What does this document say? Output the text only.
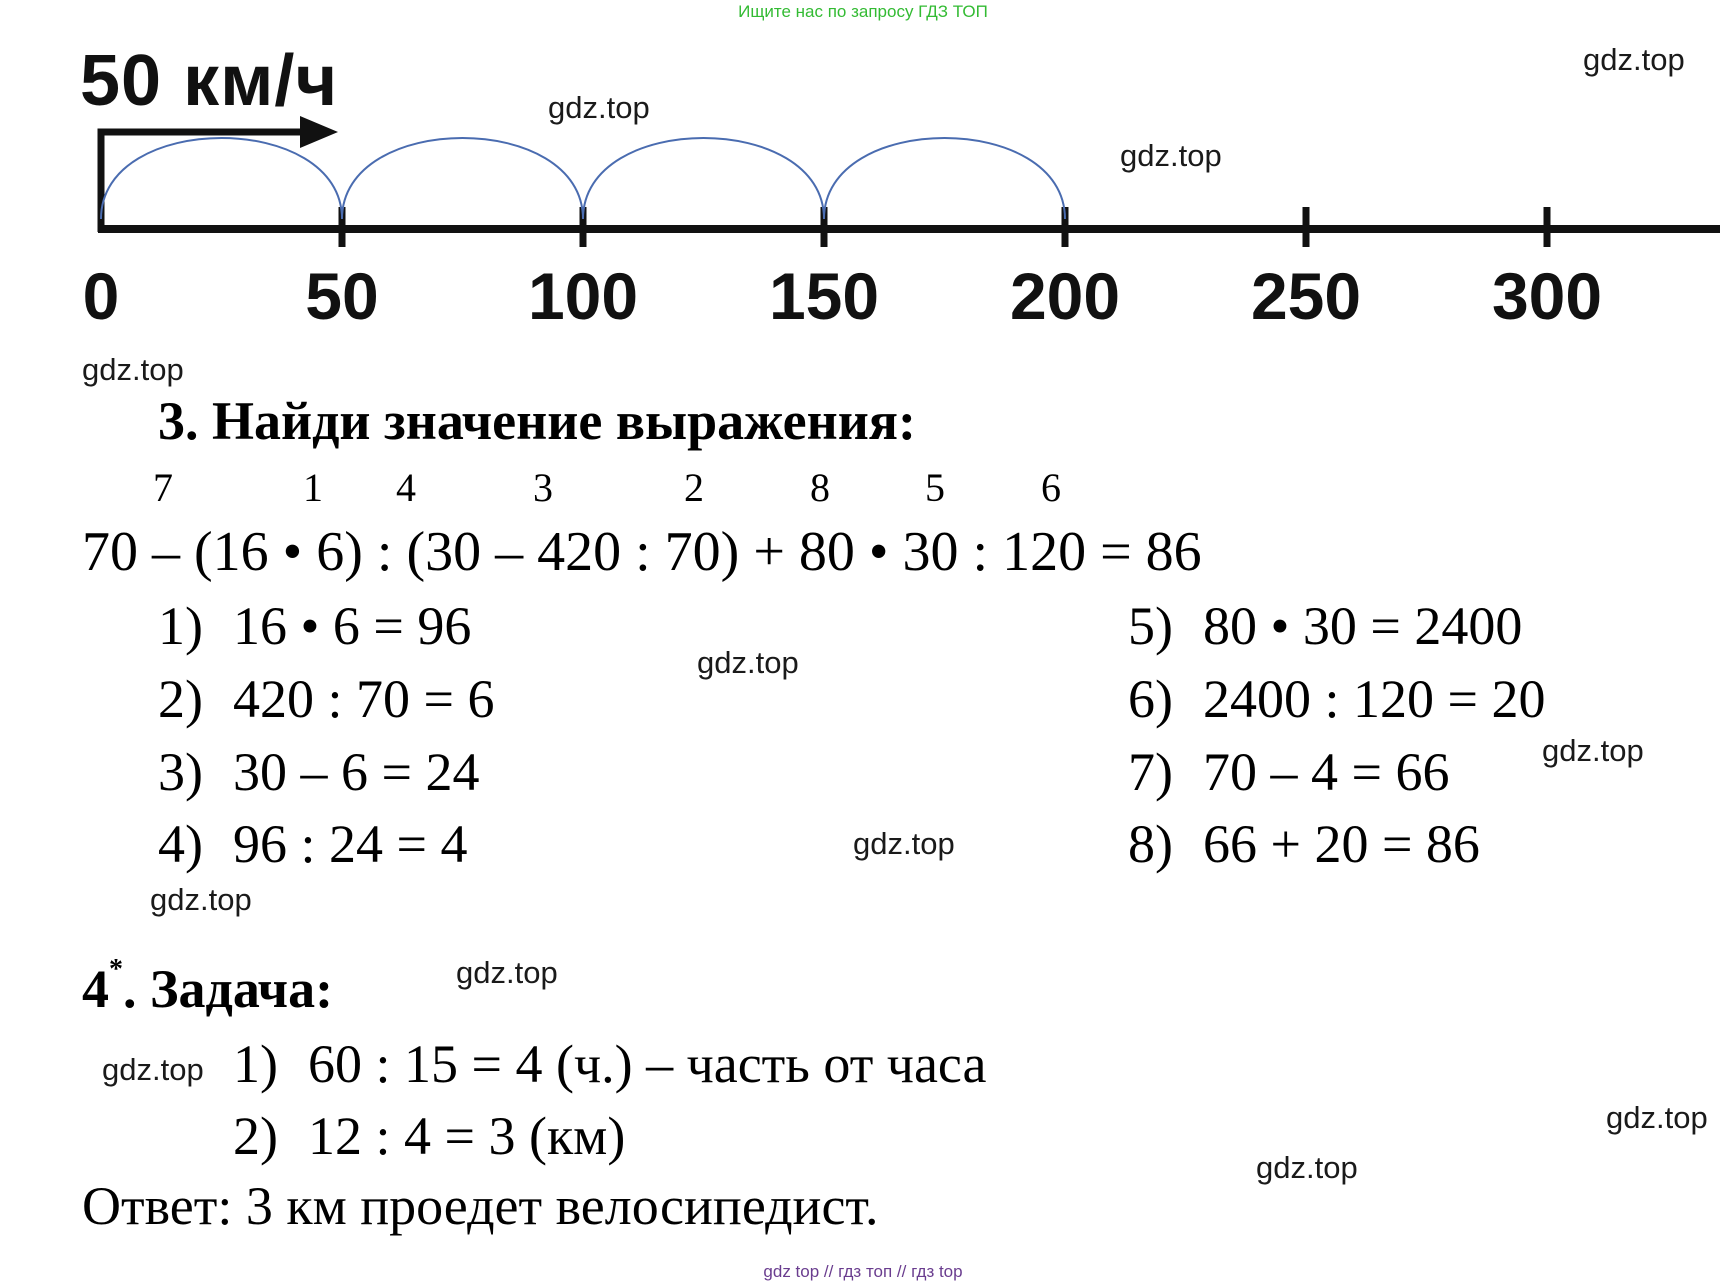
Ищите нас по запросу ГДЗ ТОП
gdz top // гдз топ // гдз top
50 км/ч
0	50 100 150 200 250 300
3. Найди значение выражения:
7	1 4	3	2	8 5 6
70 – (16 • 6) : (30 – 420 : 70) + 80 • 30 : 120 = 86
1) 16 • 6 = 96
2) 420 : 70 = 6
3) 30 – 6 = 24
4) 96 : 24 = 4
5) 80 • 30 = 2400
6) 2400 : 120 = 20
7) 70 – 4 = 66
8) 66 + 20 = 86
4*. Задача:
1) 60 : 15 = 4 (ч.) – часть от часа
2) 12 : 4 = 3 (км)
Ответ: 3 км проедет велосипедист.
gdz.top
gdz.top
gdz.top
gdz.top
gdz.top
gdz.top
gdz.top
gdz.top
gdz.top
gdz.top
gdz.top
gdz.top
